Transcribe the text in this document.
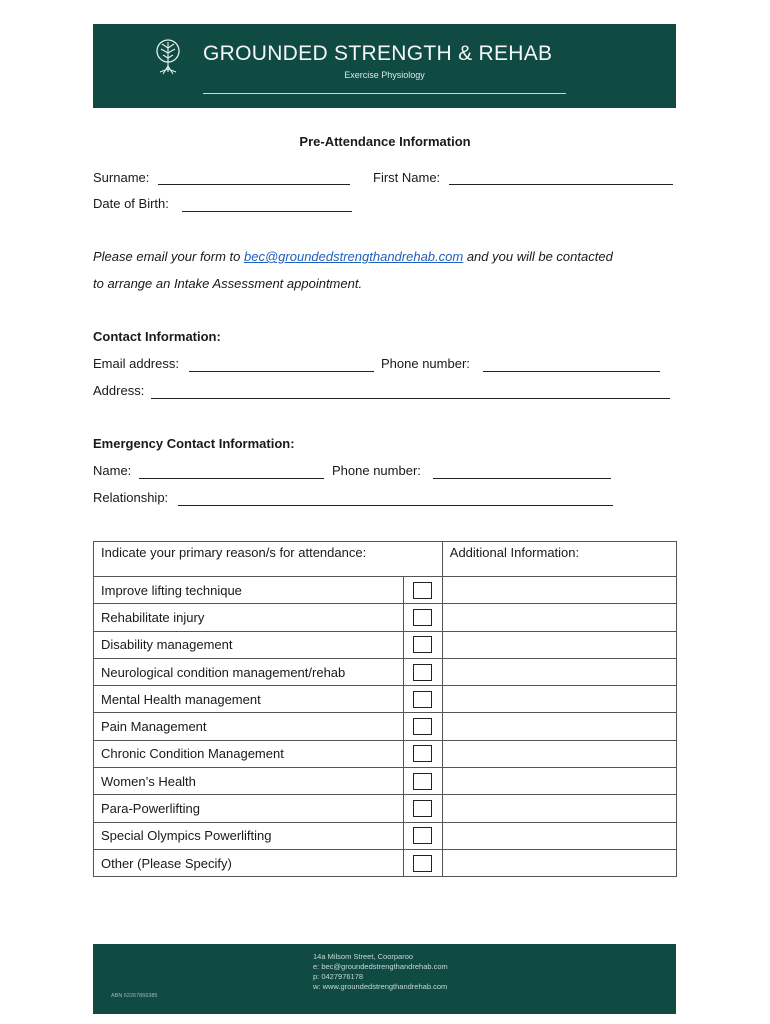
GROUNDED STRENGTH & REHAB
Exercise Physiology
Pre-Attendance Information
Surname:	First Name:
Date of Birth:
Please email your form to bec@groundedstrengthandrehab.com and you will be contacted
to arrange an Intake Assessment appointment.
Contact Information:
Email address:	Phone number:
Address:
Emergency Contact Information:
Name:	Phone number:
Relationship:
Indicate your primary reason/s for attendance:		Additional Information:
Improve lifting technique	

Rehabilitate injury	

Disability management	

Neurological condition management/rehab	

Mental Health management	

Pain Management	

Chronic Condition Management	

Women’s Health	

Para-Powerlifting	

Special Olympics Powerlifting	

Other (Please Specify)	

14a Milsom Street, Coorparoo
e: bec@groundedstrengthandrehab.com
p: 0427976178
w: www.groundedstrengthandrehab.com
ABN 62267866385
